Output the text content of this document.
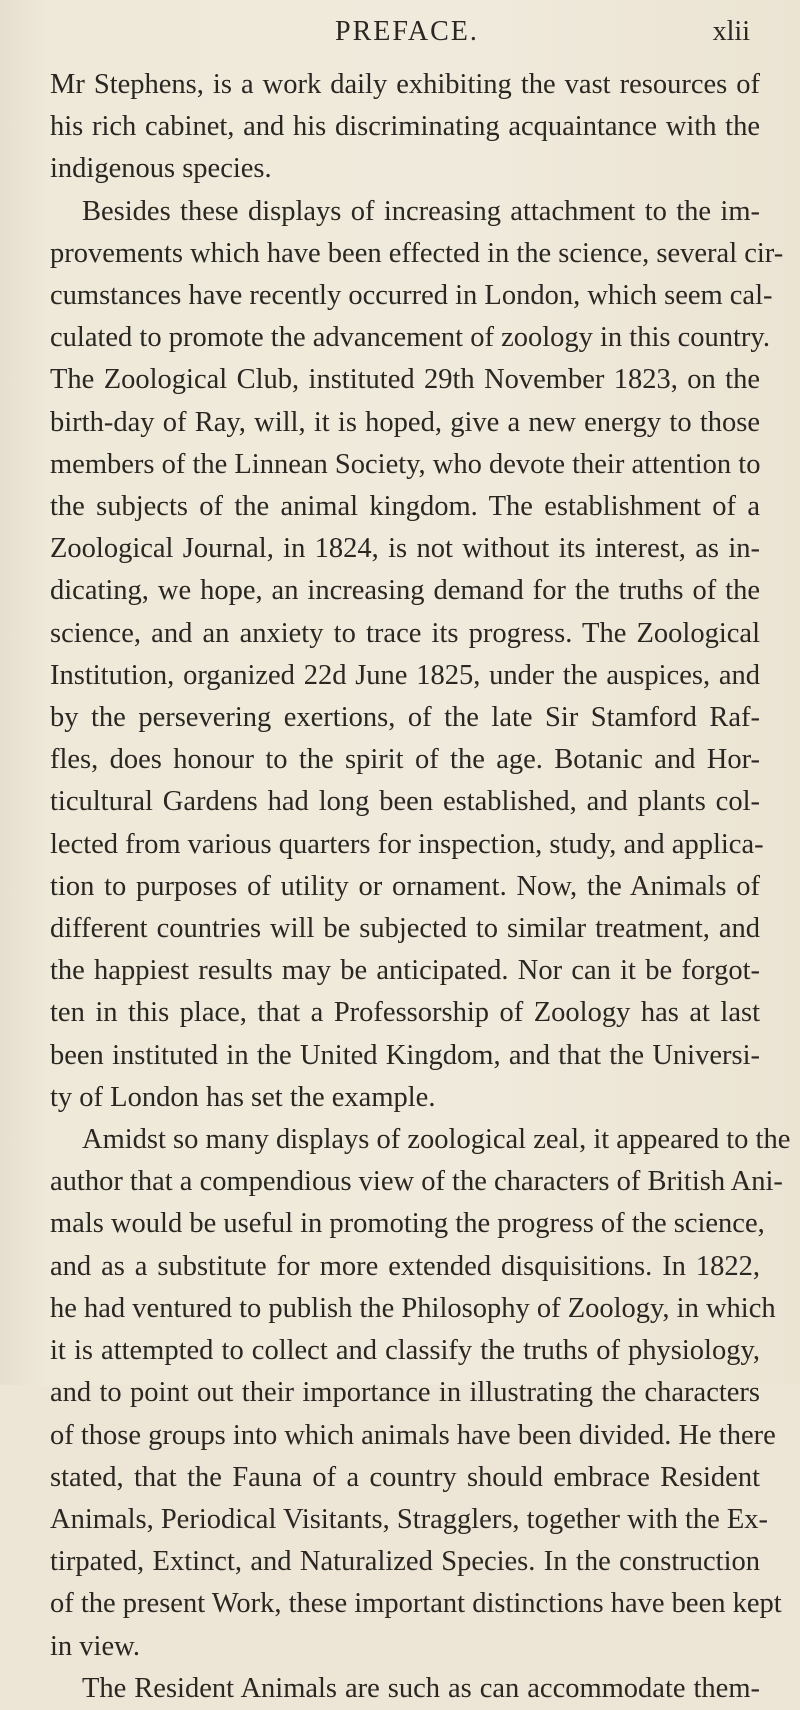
PREFACE.	xlii
Mr Stephens, is a work daily exhibiting the vast resources of
his rich cabinet, and his discriminating acquaintance with the
indigenous species.
Besides these displays of increasing attachment to the im-
provements which have been effected in the science, several cir-
cumstances have recently occurred in London, which seem cal-
culated to promote the advancement of zoology in this country.
The Zoological Club, instituted 29th November 1823, on the
birth-day of Ray, will, it is hoped, give a new energy to those
members of the Linnean Society, who devote their attention to
the subjects of the animal kingdom. The establishment of a
Zoological Journal, in 1824, is not without its interest, as in-
dicating, we hope, an increasing demand for the truths of the
science, and an anxiety to trace its progress. The Zoological
Institution, organized 22d June 1825, under the auspices, and
by the persevering exertions, of the late Sir Stamford Raf-
fles, does honour to the spirit of the age. Botanic and Hor-
ticultural Gardens had long been established, and plants col-
lected from various quarters for inspection, study, and applica-
tion to purposes of utility or ornament. Now, the Animals of
different countries will be subjected to similar treatment, and
the happiest results may be anticipated. Nor can it be forgot-
ten in this place, that a Professorship of Zoology has at last
been instituted in the United Kingdom, and that the Universi-
ty of London has set the example.
Amidst so many displays of zoological zeal, it appeared to the
author that a compendious view of the characters of British Ani-
mals would be useful in promoting the progress of the science,
and as a substitute for more extended disquisitions. In 1822,
he had ventured to publish the Philosophy of Zoology, in which
it is attempted to collect and classify the truths of physiology,
and to point out their importance in illustrating the characters
of those groups into which animals have been divided. He there
stated, that the Fauna of a country should embrace Resident
Animals, Periodical Visitants, Stragglers, together with the Ex-
tirpated, Extinct, and Naturalized Species. In the construction
of the present Work, these important distinctions have been kept
in view.
The Resident Animals are such as can accommodate them-
